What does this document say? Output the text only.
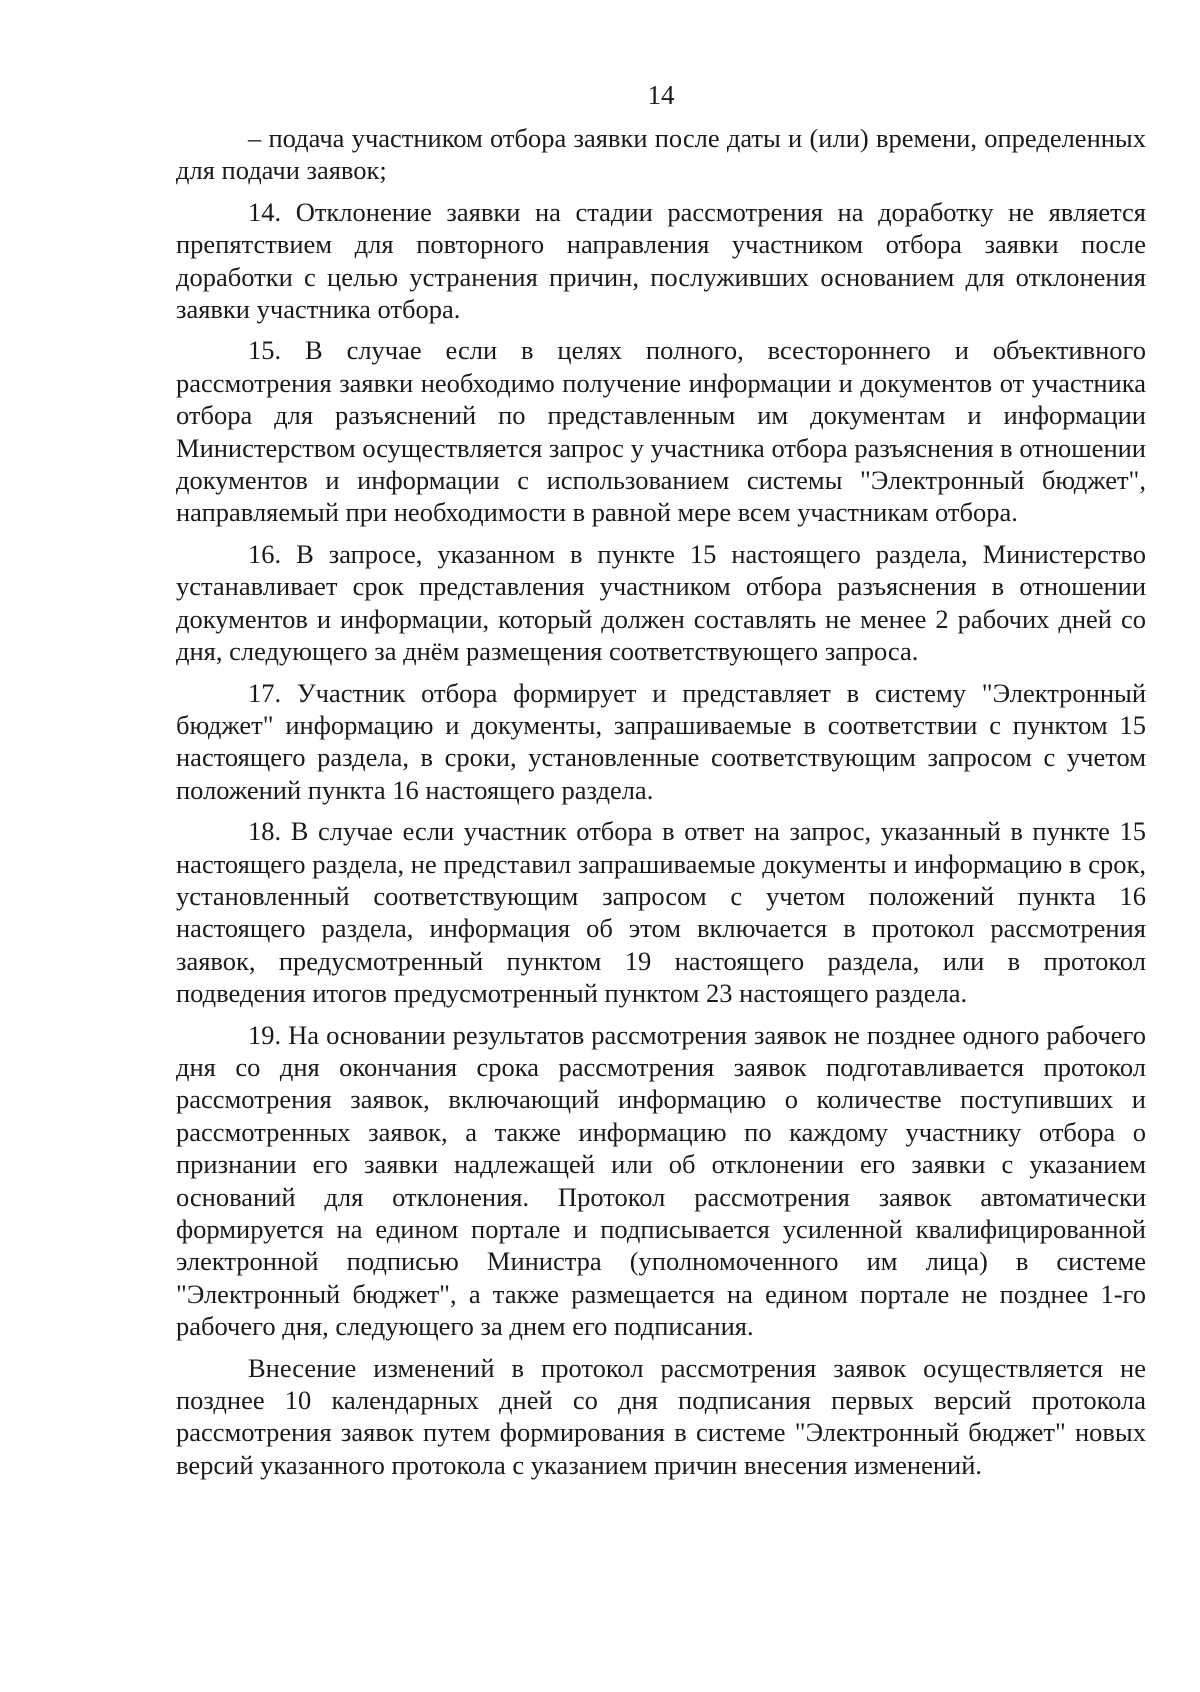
14

– подача участником отбора заявки после даты и (или) времени, определенных для подачи заявок;

14. Отклонение заявки на стадии рассмотрения на доработку не является препятствием для повторного направления участником отбора заявки после доработки с целью устранения причин, послуживших основанием для отклонения заявки участника отбора.

15. В случае если в целях полного, всестороннего и объективного рассмотрения заявки необходимо получение информации и документов от участника отбора для разъяснений по представленным им документам и информации Министерством осуществляется запрос у участника отбора разъяснения в отношении документов и информации с использованием системы "Электронный бюджет", направляемый при необходимости в равной мере всем участникам отбора.

16. В запросе, указанном в пункте 15 настоящего раздела, Министерство устанавливает срок представления участником отбора разъяснения в отношении документов и информации, который должен составлять не менее 2 рабочих дней со дня, следующего за днём размещения соответствующего запроса.

17. Участник отбора формирует и представляет в систему "Электронный бюджет" информацию и документы, запрашиваемые в соответствии с пунктом 15 настоящего раздела, в сроки, установленные соответствующим запросом с учетом положений пункта 16 настоящего раздела.

18. В случае если участник отбора в ответ на запрос, указанный в пункте 15 настоящего раздела, не представил запрашиваемые документы и информацию в срок, установленный соответствующим запросом с учетом положений пункта 16 настоящего раздела, информация об этом включается в протокол рассмотрения заявок, предусмотренный пунктом 19 настоящего раздела, или в протокол подведения итогов предусмотренный пунктом 23 настоящего раздела.

19. На основании результатов рассмотрения заявок не позднее одного рабочего дня со дня окончания срока рассмотрения заявок подготавливается протокол рассмотрения заявок, включающий информацию о количестве поступивших и рассмотренных заявок, а также информацию по каждому участнику отбора о признании его заявки надлежащей или об отклонении его заявки с указанием оснований для отклонения. Протокол рассмотрения заявок автоматически формируется на едином портале и подписывается усиленной квалифицированной электронной подписью Министра (уполномоченного им лица) в системе "Электронный бюджет", а также размещается на едином портале не позднее 1-го рабочего дня, следующего за днем его подписания.

Внесение изменений в протокол рассмотрения заявок осуществляется не позднее 10 календарных дней со дня подписания первых версий протокола рассмотрения заявок путем формирования в системе "Электронный бюджет" новых версий указанного протокола с указанием причин внесения изменений.
